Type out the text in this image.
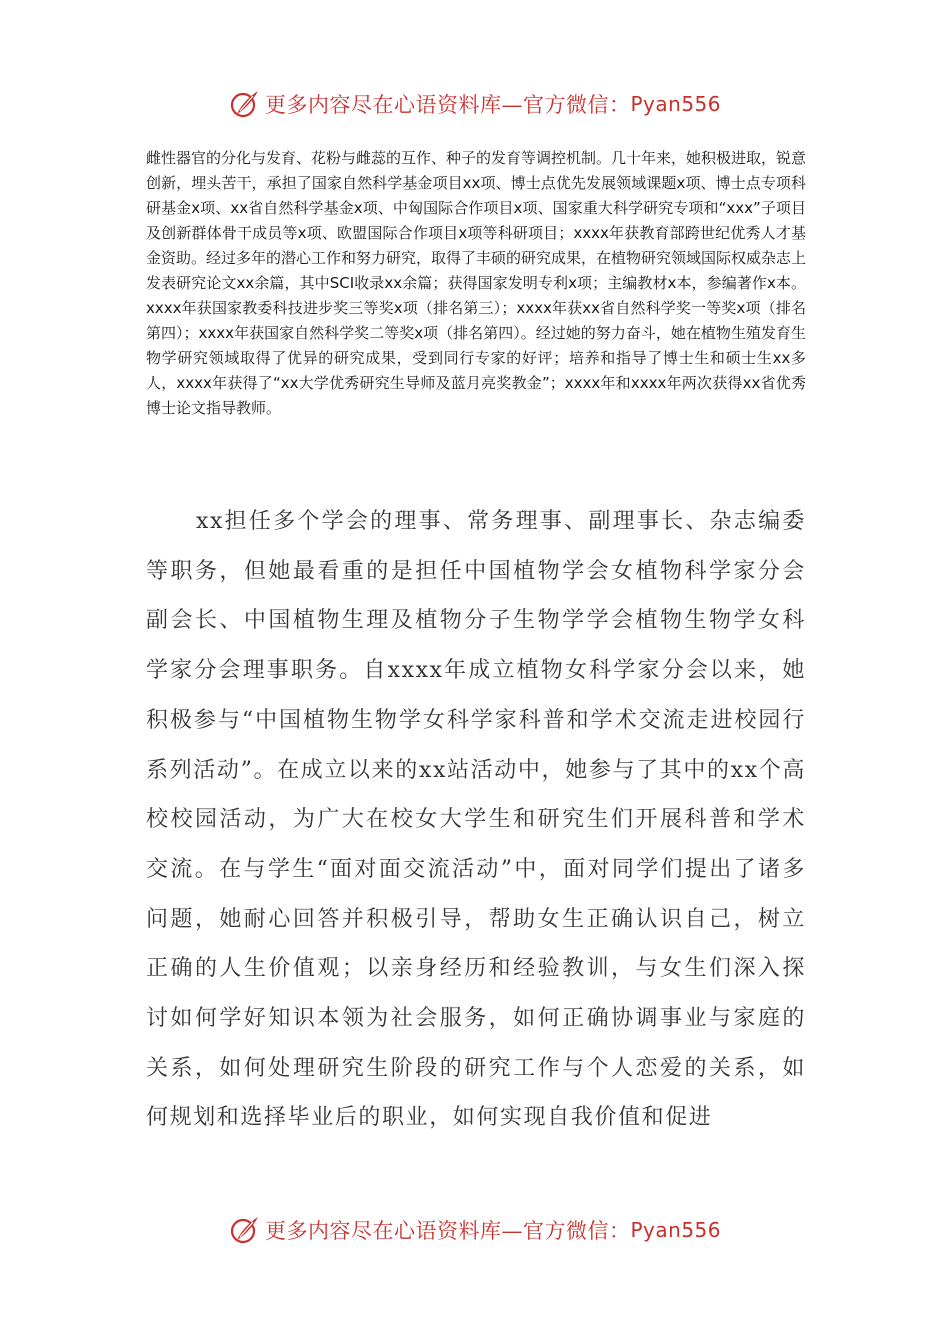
更多内容尽在心语资料库—官方微信： Pyan556

雌性器官的分化与发育、花粉与雌蕊的互作、种子的发育等调控机制。几十年来，她积极进取，锐意创新，埋头苦干，承担了国家自然科学基金项目xx项、博士点优先发展领域课题x项、博士点专项科研基金x项、xx省自然科学基金x项、中匈国际合作项目x项、国家重大科学研究专项和“xxx”子项目及创新群体骨干成员等x项、欧盟国际合作项目x项等科研项目；xxxx年获教育部跨世纪优秀人才基金资助。经过多年的潜心工作和努力研究，取得了丰硕的研究成果，在植物研究领域国际权威杂志上发表研究论文xx余篇，其中SCI收录xx余篇；获得国家发明专利x项；主编教材x本，参编著作x本。xxxx年获国家教委科技进步奖三等奖x项（排名第三）；xxxx年获xx省自然科学奖一等奖x项（排名第四）；xxxx年获国家自然科学奖二等奖x项（排名第四）。经过她的努力奋斗，她在植物生殖发育生物学研究领域取得了优异的研究成果，受到同行专家的好评；培养和指导了博士生和硕士生xx多人，xxxx年获得了“xx大学优秀研究生导师及蓝月亮奖教金”；xxxx年和xxxx年两次获得xx省优秀博士论文指导教师。

xx担任多个学会的理事、常务理事、副理事长、杂志编委等职务，但她最看重的是担任中国植物学会女植物科学家分会副会长、中国植物生理及植物分子生物学学会植物生物学女科学家分会理事职务。自xxxx年成立植物女科学家分会以来，她积极参与“中国植物生物学女科学家科普和学术交流走进校园行系列活动”。在成立以来的xx站活动中，她参与了其中的xx个高校校园活动，为广大在校女大学生和研究生们开展科普和学术交流。在与学生“面对面交流活动”中，面对同学们提出了诸多问题，她耐心回答并积极引导，帮助女生正确认识自己，树立正确的人生价值观；以亲身经历和经验教训，与女生们深入探讨如何学好知识本领为社会服务，如何正确协调事业与家庭的关系，如何处理研究生阶段的研究工作与个人恋爱的关系，如何规划和选择毕业后的职业，如何实现自我价值和促进

更多内容尽在心语资料库—官方微信： Pyan556
